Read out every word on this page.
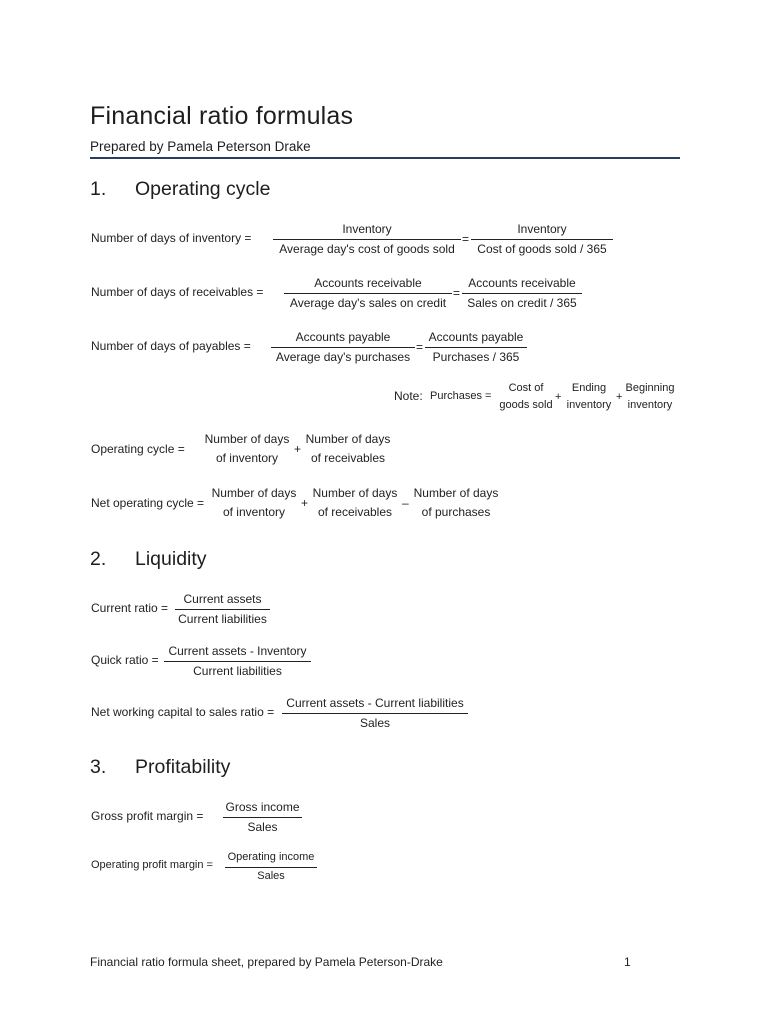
Financial ratio formulas
Prepared by Pamela Peterson Drake
1. Operating cycle
Number of days of inventory =
Inventory
Average day's cost of goods sold
=
Inventory
Cost of goods sold / 365
Number of days of receivables =
Accounts receivable
Average day's sales on credit
=
Accounts receivable
Sales on credit / 365
Number of days of payables =
Accounts payable
Average day's purchases
=
Accounts payable
Purchases / 365
Note: Purchases =
Cost of
goods sold
+
Ending
inventory
+
Beginning
inventory
Operating cycle =
Number of days
of inventory
+
Number of days
of receivables
Net operating cycle =
Number of days
of inventory
+
Number of days
of receivables
–
Number of days
of purchases
2. Liquidity
Current ratio =
Current assets
Current liabilities
Quick ratio =
Current assets - Inventory
Current liabilities
Net working capital to sales ratio =
Current assets - Current liabilities
Sales
3. Profitability
Gross profit margin =
Gross income
Sales
Operating profit margin =
Operating income
Sales
Financial ratio formula sheet, prepared by Pamela Peterson-Drake	1
